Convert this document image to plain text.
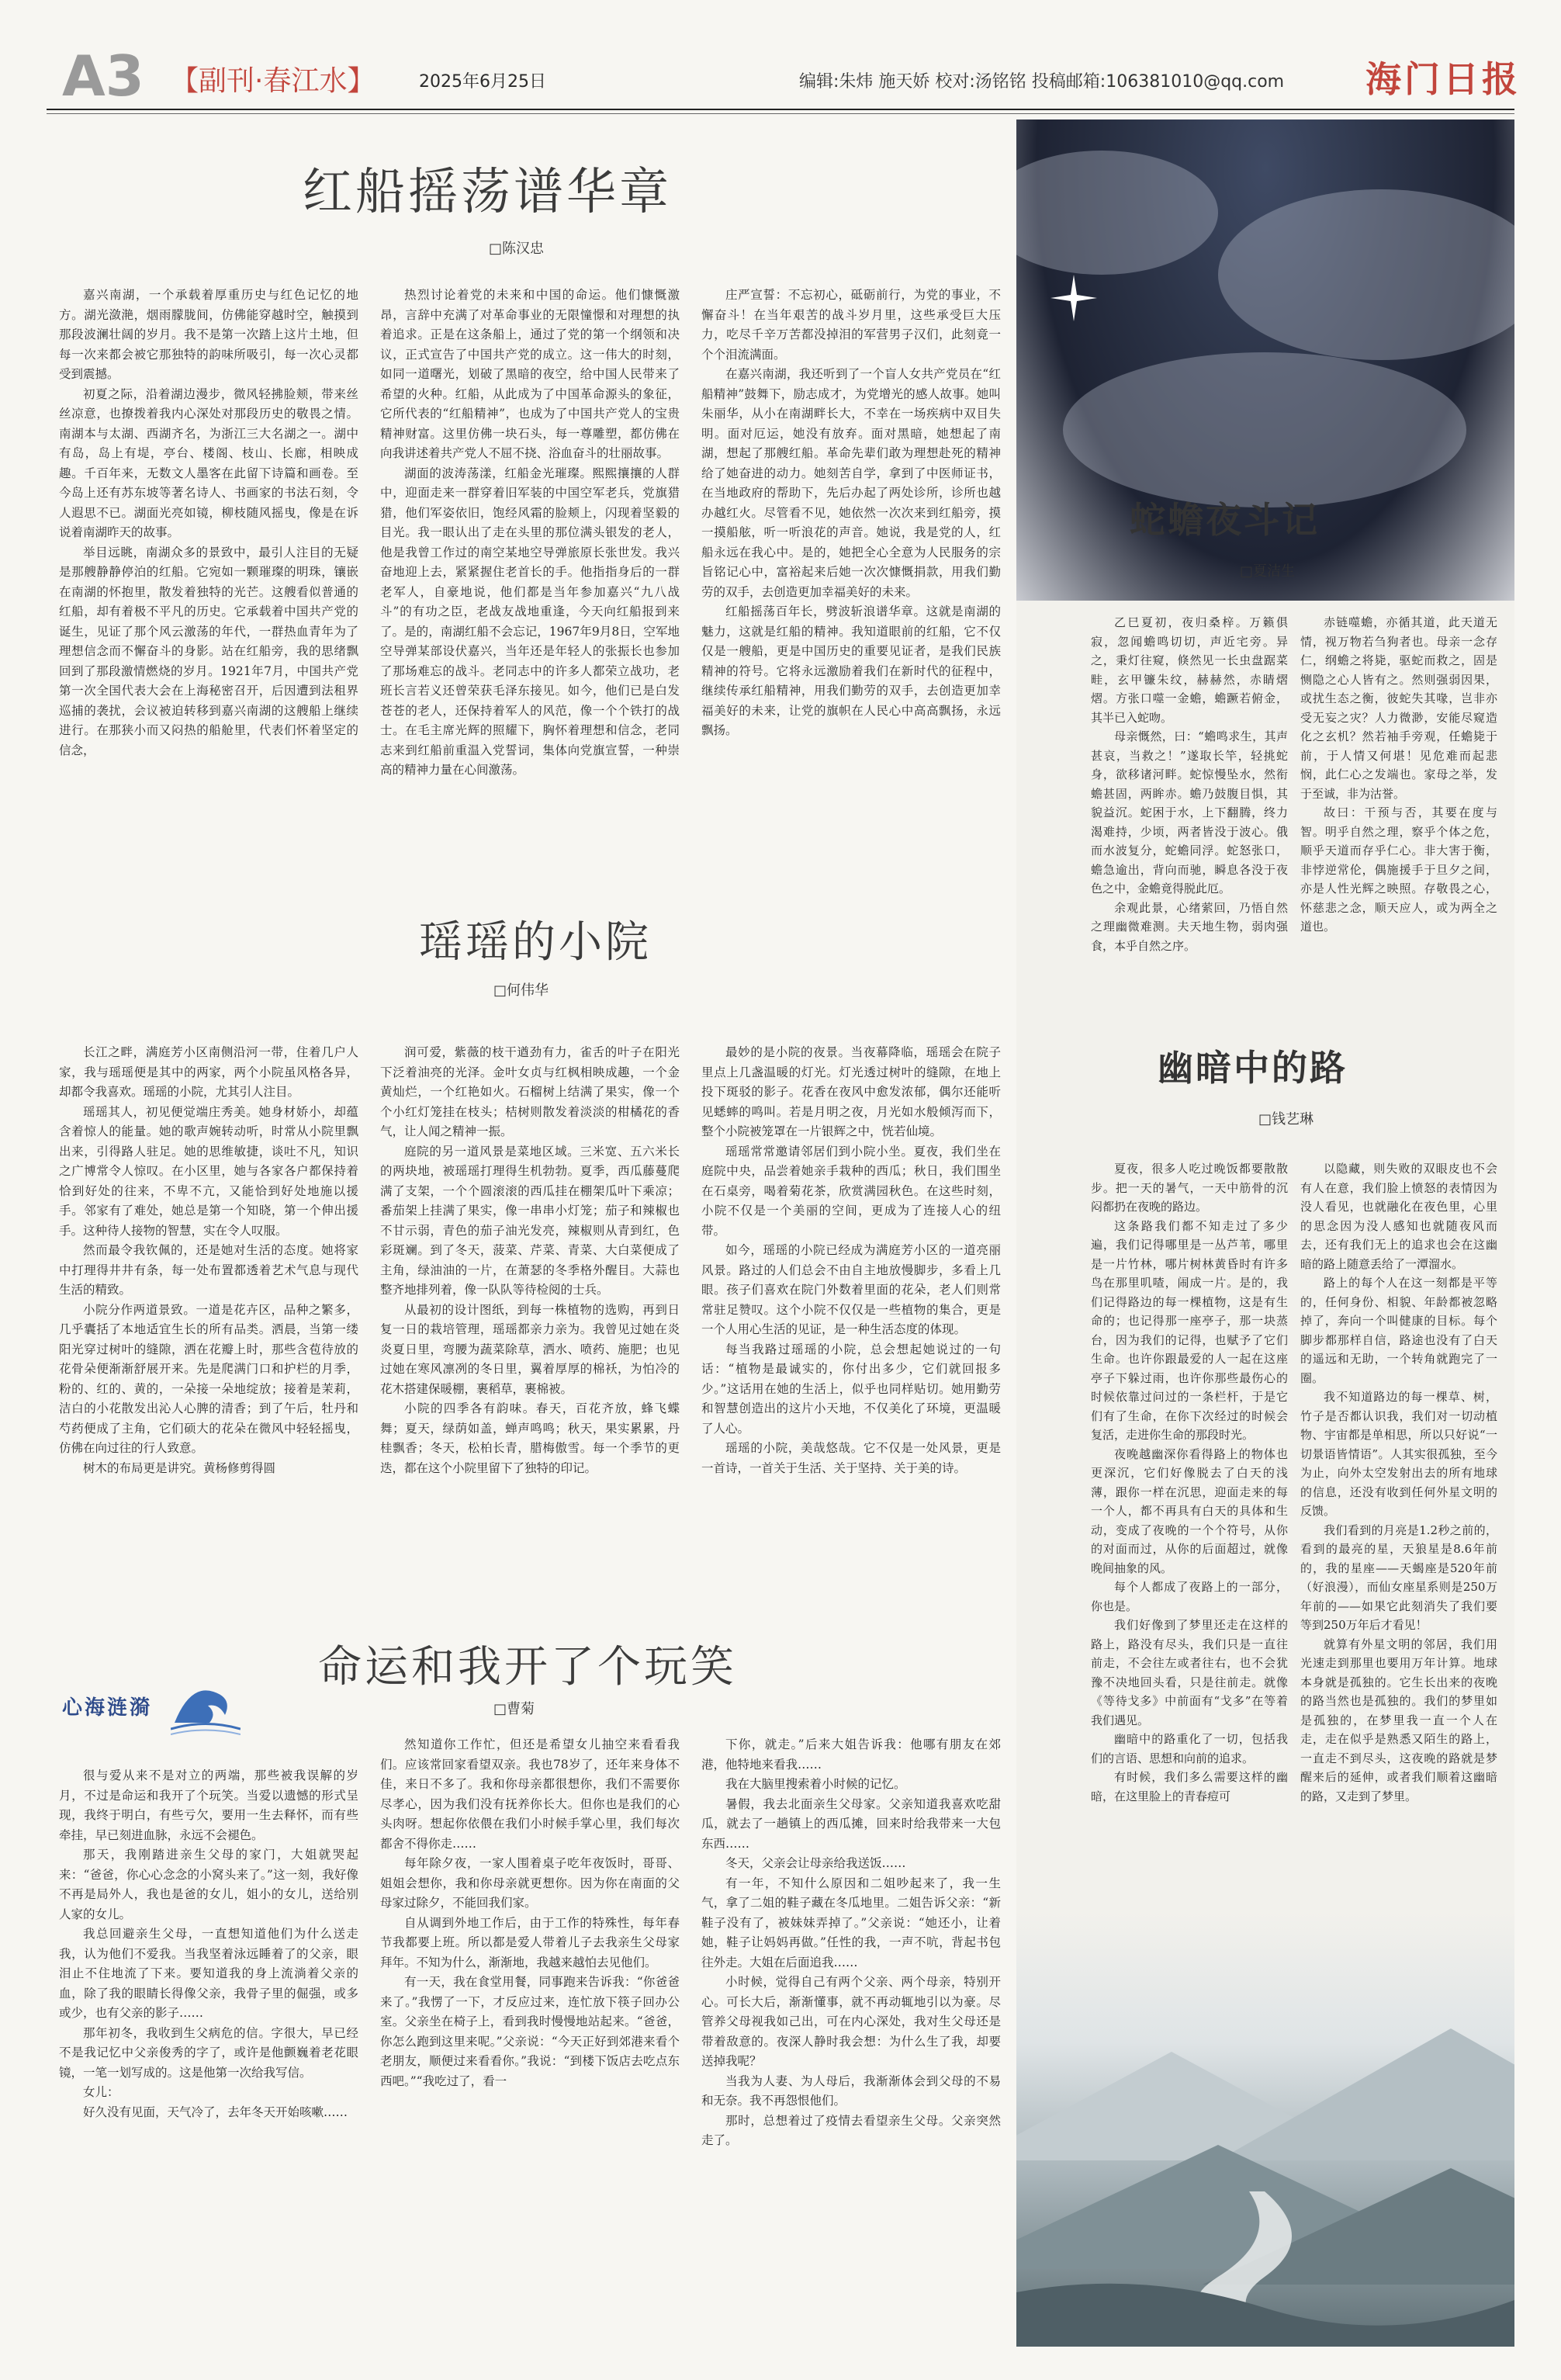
A3 【副刊·春江水】	2025年6月25日	编辑:朱炜 施天娇 校对:汤铭铭 投稿邮箱:106381010@qq.com 海门日报
红船摇荡谱华章
□陈汉忠

嘉兴南湖，一个承载着厚重历史与红色记忆的地方。湖光潋滟，烟雨朦胧间，仿佛能穿越时空，触摸到那段波澜壮阔的岁月。我不是第一次踏上这片土地，但每一次来都会被它那独特的韵味所吸引，每一次心灵都受到震撼。

初夏之际，沿着湖边漫步，微风轻拂脸颊，带来丝丝凉意，也撩拨着我内心深处对那段历史的敬畏之情。南湖本与太湖、西湖齐名，为浙江三大名湖之一。湖中有岛，岛上有堤，亭台、楼阁、枝山、长廊，相映成趣。千百年来，无数文人墨客在此留下诗篇和画卷。至今岛上还有苏东坡等著名诗人、书画家的书法石刻，令人遐思不已。湖面光亮如镜，柳枝随风摇曳，像是在诉说着南湖昨天的故事。

举目远眺，南湖众多的景致中，最引人注目的无疑是那艘静静停泊的红船。它宛如一颗璀璨的明珠，镶嵌在南湖的怀抱里，散发着独特的光芒。这艘看似普通的红船，却有着极不平凡的历史。它承载着中国共产党的诞生，见证了那个风云激荡的年代，一群热血青年为了理想信念而不懈奋斗的身影。站在红船旁，我的思绪飘回到了那段激情燃烧的岁月。1921年7月，中国共产党第一次全国代表大会在上海秘密召开，后因遭到法租界巡捕的袭扰，会议被迫转移到嘉兴南湖的这艘船上继续进行。在那狭小而又闷热的船舱里，代表们怀着坚定的信念，

热烈讨论着党的未来和中国的命运。他们慷慨激昂，言辞中充满了对革命事业的无限憧憬和对理想的执着追求。正是在这条船上，通过了党的第一个纲领和决议，正式宣告了中国共产党的成立。这一伟大的时刻，如同一道曙光，划破了黑暗的夜空，给中国人民带来了希望的火种。红船，从此成为了中国革命源头的象征，它所代表的“红船精神”，也成为了中国共产党人的宝贵精神财富。这里仿佛一块石头，每一尊雕塑，都仿佛在向我讲述着共产党人不屈不挠、浴血奋斗的壮丽故事。

湖面的波涛荡漾，红船金光璀璨。熙熙攘攘的人群中，迎面走来一群穿着旧军装的中国空军老兵，党旗猎猎，他们军姿依旧，饱经风霜的脸颊上，闪现着坚毅的目光。我一眼认出了走在头里的那位满头银发的老人，他是我曾工作过的南空某地空导弹旅原长张世发。我兴奋地迎上去，紧紧握住老首长的手。他指指身后的一群老军人，自豪地说，他们都是当年参加嘉兴“九八战斗”的有功之臣，老战友战地重逢，今天向红船报到来了。是的，南湖红船不会忘记，1967年9月8日，空军地空导弹某部设伏嘉兴，当年还是年轻人的张振长也参加了那场难忘的战斗。老同志中的许多人都荣立战功，老班长言若义还曾荣获毛泽东接见。如今，他们已是白发苍苍的老人，还保持着军人的风范，像一个个铁打的战士。在毛主席光辉的照耀下，胸怀着理想和信念，老同志来到红船前重温入党誓词，集体向党旗宣誓，一种崇高的精神力量在心间激荡。

庄严宣誓：不忘初心，砥砺前行，为党的事业，不懈奋斗！在当年艰苦的战斗岁月里，这些承受巨大压力，吃尽千辛万苦都没掉泪的军营男子汉们，此刻竟一个个泪流满面。

在嘉兴南湖，我还听到了一个盲人女共产党员在“红船精神”鼓舞下，励志成才，为党增光的感人故事。她叫朱丽华，从小在南湖畔长大，不幸在一场疾病中双目失明。面对厄运，她没有放弃。面对黑暗，她想起了南湖，想起了那艘红船。革命先辈们敢为理想赴死的精神给了她奋进的动力。她刻苦自学，拿到了中医师证书，在当地政府的帮助下，先后办起了两处诊所，诊所也越办越红火。尽管看不见，她依然一次次来到红船旁，摸一摸船舷，听一听浪花的声音。她说，我是党的人，红船永远在我心中。是的，她把全心全意为人民服务的宗旨铭记心中，富裕起来后她一次次慷慨捐款，用我们勤劳的双手，去创造更加幸福美好的未来。

红船摇荡百年长，劈波斩浪谱华章。这就是南湖的魅力，这就是红船的精神。我知道眼前的红船，它不仅仅是一艘船，更是中国历史的重要见证者，是我们民族精神的符号。它将永远激励着我们在新时代的征程中，继续传承红船精神，用我们勤劳的双手，去创造更加幸福美好的未来，让党的旗帜在人民心中高高飘扬，永远飘扬。

瑶瑶的小院
□何伟华

长江之畔，满庭芳小区南侧沿河一带，住着几户人家，我与瑶瑶便是其中的两家，两个小院虽风格各异，却都令我喜欢。瑶瑶的小院，尤其引人注目。

瑶瑶其人，初见便觉端庄秀美。她身材娇小，却蕴含着惊人的能量。她的歌声婉转动听，时常从小院里飘出来，引得路人驻足。她的思维敏捷，谈吐不凡，知识之广博常令人惊叹。在小区里，她与各家各户都保持着恰到好处的往来，不卑不亢，又能恰到好处地施以援手。邻家有了难处，她总是第一个知晓，第一个伸出援手。这种待人接物的智慧，实在令人叹服。

然而最令我钦佩的，还是她对生活的态度。她将家中打理得井井有条，每一处布置都透着艺术气息与现代生活的精致。

小院分作两道景致。一道是花卉区，品种之繁多，几乎囊括了本地适宜生长的所有品类。洒晨，当第一缕阳光穿过树叶的缝隙，洒在花瓣上时，那些含苞待放的花骨朵便渐渐舒展开来。先是爬满门口和护栏的月季，粉的、红的、黄的，一朵接一朵地绽放；接着是茉莉，洁白的小花散发出沁人心脾的清香；到了午后，牡丹和芍药便成了主角，它们硕大的花朵在微风中轻轻摇曳，仿佛在向过往的行人致意。

树木的布局更是讲究。黄杨修剪得圆

润可爱，紫薇的枝干遒劲有力，雀舌的叶子在阳光下泛着油亮的光泽。金叶女贞与红枫相映成趣，一个金黄灿烂，一个红艳如火。石榴树上结满了果实，像一个个小红灯笼挂在枝头；桔树则散发着淡淡的柑橘花的香气，让人闻之精神一振。

庭院的另一道风景是菜地区域。三米宽、五六米长的两块地，被瑶瑶打理得生机勃勃。夏季，西瓜藤蔓爬满了支架，一个个圆滚滚的西瓜挂在棚架瓜叶下乘凉；番茄架上挂满了果实，像一串串小灯笼；茄子和辣椒也不甘示弱，青色的茄子油光发亮，辣椒则从青到红，色彩斑斓。到了冬天，菠菜、芹菜、青菜、大白菜便成了主角，绿油油的一片，在萧瑟的冬季格外醒目。大蒜也整齐地排列着，像一队队等待检阅的士兵。

从最初的设计图纸，到每一株植物的选购，再到日复一日的栽培管理，瑶瑶都亲力亲为。我曾见过她在炎炎夏日里，弯腰为蔬菜除草，洒水、喷药、施肥；也见过她在寒风凛冽的冬日里，翼着厚厚的棉袄，为怕冷的花木搭建保暖棚，裹稻草，裹棉被。

小院的四季各有韵味。春天，百花齐放，蜂飞蝶舞；夏天，绿荫如盖，蝉声鸣鸣；秋天，果实累累，丹桂飘香；冬天，松柏长青，腊梅傲雪。每一个季节的更迭，都在这个小院里留下了独特的印记。

最妙的是小院的夜景。当夜幕降临，瑶瑶会在院子里点上几盏温暖的灯光。灯光透过树叶的缝隙，在地上投下斑驳的影子。花香在夜风中愈发浓郁，偶尔还能听见蟋蟀的鸣叫。若是月明之夜，月光如水般倾泻而下，整个小院被笼罩在一片银辉之中，恍若仙境。

瑶瑶常常邀请邻居们到小院小坐。夏夜，我们坐在庭院中央，品尝着她亲手栽种的西瓜；秋日，我们围坐在石桌旁，喝着菊花茶，欣赏满园秋色。在这些时刻，小院不仅是一个美丽的空间，更成为了连接人心的纽带。

如今，瑶瑶的小院已经成为满庭芳小区的一道亮丽风景。路过的人们总会不由自主地放慢脚步，多看上几眼。孩子们喜欢在院门外数着里面的花朵，老人们则常常驻足赞叹。这个小院不仅仅是一些植物的集合，更是一个人用心生活的见证，是一种生活态度的体现。

每当我路过瑶瑶的小院，总会想起她说过的一句话：“植物是最诚实的，你付出多少，它们就回报多少。”这话用在她的生活上，似乎也同样贴切。她用勤劳和智慧创造出的这片小天地，不仅美化了环境，更温暖了人心。

瑶瑶的小院，美哉悠哉。它不仅是一处风景，更是一首诗，一首关于生活、关于坚持、关于美的诗。

命运和我开了个玩笑
□曹菊
心海涟漪

很与爱从来不是对立的两端，那些被我误解的岁月，不过是命运和我开了个玩笑。当爱以遗憾的形式呈现，我终于明白，有些亏欠，要用一生去释怀，而有些牵挂，早已刻进血脉，永远不会褪色。

那天，我刚踏进亲生父母的家门，大姐就哭起来：“爸爸，你心心念念的小窝头来了。”这一刻，我好像不再是局外人，我也是爸的女儿，姐小的女儿，送给别人家的女儿。

我总回避亲生父母，一直想知道他们为什么送走我，认为他们不爱我。当我坚着泳远睡着了的父亲，眼泪止不住地流了下来。要知道我的身上流淌着父亲的血，除了我的眼睛长得像父亲，我骨子里的倔强，或多或少，也有父亲的影子……

那年初冬，我收到生父病危的信。字很大，早已经不是我记忆中父亲俊秀的字了，或许是他颤巍着老花眼镜，一笔一划写成的。这是他第一次给我写信。

女儿：

好久没有见面，天气冷了，去年冬天开始咳嗽……

然知道你工作忙，但还是希望女儿抽空来看看我们。应该常回家看望双亲。我也78岁了，还年来身体不佳，来日不多了。我和你母亲都很想你，我们不需要你尽孝心，因为我们没有抚养你长大。但你也是我们的心头肉呀。想起你依偎在我们小时候手掌心里，我们每次都舍不得你走……

每年除夕夜，一家人围着桌子吃年夜饭时，哥哥、姐姐会想你，我和你母亲就更想你。因为你在南面的父母家过除夕，不能回我们家。

自从调到外地工作后，由于工作的特殊性，每年春节我都要上班。所以都是爱人带着儿子去我亲生父母家拜年。不知为什么，渐渐地，我越来越怕去见他们。

有一天，我在食堂用餐，同事跑来告诉我：“你爸爸来了。”我愣了一下，才反应过来，连忙放下筷子回办公室。父亲坐在椅子上，看到我时慢慢地站起来。“爸爸，你怎么跑到这里来呢。”父亲说：“今天正好到郊港来看个老朋友，顺便过来看看你。”我说：“到楼下饭店去吃点东西吧。”“我吃过了，看一

下你，就走。”后来大姐告诉我：他哪有朋友在郊港，他特地来看我……

我在大脑里搜索着小时候的记忆。

暑假，我去北面亲生父母家。父亲知道我喜欢吃甜瓜，就去了一趟镇上的西瓜摊，回来时给我带来一大包东西……

冬天，父亲会让母亲给我送饭……

有一年，不知什么原因和二姐吵起来了，我一生气，拿了二姐的鞋子藏在冬瓜地里。二姐告诉父亲：“新鞋子没有了，被妹妹弄掉了。”父亲说：“她还小，让着她，鞋子让妈妈再做。”任性的我，一声不吭，背起书包往外走。大姐在后面追我……

小时候，觉得自己有两个父亲、两个母亲，特别开心。可长大后，渐渐懂事，就不再动辄地引以为豪。尽管养父母视我如己出，可在内心深处，我对生父母还是带着敌意的。夜深人静时我会想：为什么生了我，却要送掉我呢？

当我为人妻、为人母后，我渐渐体会到父母的不易和无奈。我不再怨恨他们。

那时，总想着过了疫情去看望亲生父母。父亲突然走了。

蛇蟾夜斗记
□夏洁生

乙巳夏初，夜归桑梓。万籁俱寂，忽闻蟾鸣切切，声近宅旁。异之，秉灯往窥，倏然见一长虫盘踞菜畦，玄甲镰朱纹，赫赫然，赤睛熠熠。方张口噬一金蟾，蟾蹶若俯金，其半已入蛇吻。

母亲慨然，曰：“蟾鸣求生，其声甚哀，当救之！”遂取长竿，轻挑蛇身，欲移诸河畔。蛇惊慢坠水，然衔蟾甚固，两眸赤。蟾乃鼓腹目惧，其貌益沉。蛇困于水，上下翻腾，终力渴难持，少顷，两者皆没于波心。俄而水波复分，蛇蟾同浮。蛇怒张口，蟾急逾出，背向而驰，瞬息各没于夜色之中，金蟾竟得脱此厄。

余观此景，心绪萦回，乃悟自然之理幽微难测。夫天地生物，弱肉强食，本乎自然之序。

赤链噬蟾，亦循其道，此天道无情，视万物若刍狗者也。母亲一念存仁，纲蟾之将毙，驱蛇而救之，固是恻隐之心人皆有之。然则强弱因果，或扰生态之衡，彼蛇失其喙，岂非亦受无妄之灾？人力微渺，安能尽窥造化之玄机？然若袖手旁观，任蟾毙于前，于人情又何堪！见危难而起悲悯，此仁心之发端也。家母之举，发于至诚，非为沽誉。

故曰：干预与否，其要在度与智。明乎自然之理，察乎个体之危，顺乎天道而存乎仁心。非大害于衡，非悖逆常伦，偶施援手于旦夕之间，亦是人性光辉之映照。存敬畏之心，怀慈悲之念，顺天应人，或为两全之道也。

幽暗中的路
□钱艺琳

夏夜，很多人吃过晚饭都要散散步。把一天的暑气，一天中筋骨的沉闷都扔在夜晚的路边。

这条路我们都不知走过了多少遍，我们记得哪里是一丛芦苇，哪里是一片竹林，哪片树林黄昏时有许多鸟在那里叽喳，闹成一片。是的，我们记得路边的每一棵植物，这是有生命的；也记得那一座亭子，那一块蒸台，因为我们的记得，也赋予了它们生命。也许你跟最爱的人一起在这座亭子下躲过雨，也许你那些最伤心的时候依靠过问过的一条栏杆，于是它们有了生命，在你下次经过的时候会复活，走进你生命的那段时光。

夜晚越幽深你看得路上的物体也更深沉，它们好像脱去了白天的浅薄，跟你一样在沉思，迎面走来的每一个人，都不再具有白天的具体和生动，变成了夜晚的一个个符号，从你的对面而过，从你的后面超过，就像晚间抽象的风。

每个人都成了夜路上的一部分，你也是。

我们好像到了梦里还走在这样的路上，路没有尽头，我们只是一直往前走，不会往左或者往右，也不会犹豫不决地回头看，只是往前走。就像《等待戈多》中前面有“戈多”在等着我们遇见。

幽暗中的路重化了一切，包括我们的言语、思想和向前的追求。

有时候，我们多么需要这样的幽暗，在这里脸上的青春痘可

以隐藏，则失败的双眼皮也不会有人在意，我们脸上愤怒的表情因为没人看见，也就融化在夜色里，心里的思念因为没人感知也就随夜风而去，还有我们无上的追求也会在这幽暗的路上随意丢给了一潭溜水。

路上的每个人在这一刻都是平等的，任何身份、相貌、年龄都被忽略掉了，奔向一个叫健康的目标。每个脚步都那样自信，路途也没有了白天的遥远和无助，一个转角就跑完了一圈。

我不知道路边的每一棵草、树，竹子是否都认识我，我们对一切动植物、宇宙都是单相思，所以只好说“一切景语皆情语”。人其实很孤独，至今为止，向外太空发射出去的所有地球的信息，还没有收到任何外星文明的反馈。

我们看到的月亮是1.2秒之前的，看到的最亮的星，天狼星是8.6年前的，我的星座——天蝎座是520年前（好浪漫），而仙女座星系则是250万年前的——如果它此刻消失了我们要等到250万年后才看见！

就算有外星文明的邻居，我们用光速走到那里也要用万年计算。地球本身就是孤独的。它生长出来的夜晚的路当然也是孤独的。我们的梦里如是孤独的，在梦里我一直一个人在走，走在似乎是熟悉又陌生的路上，一直走不到尽头，这夜晚的路就是梦醒来后的延伸，或者我们顺着这幽暗的路，又走到了梦里。
